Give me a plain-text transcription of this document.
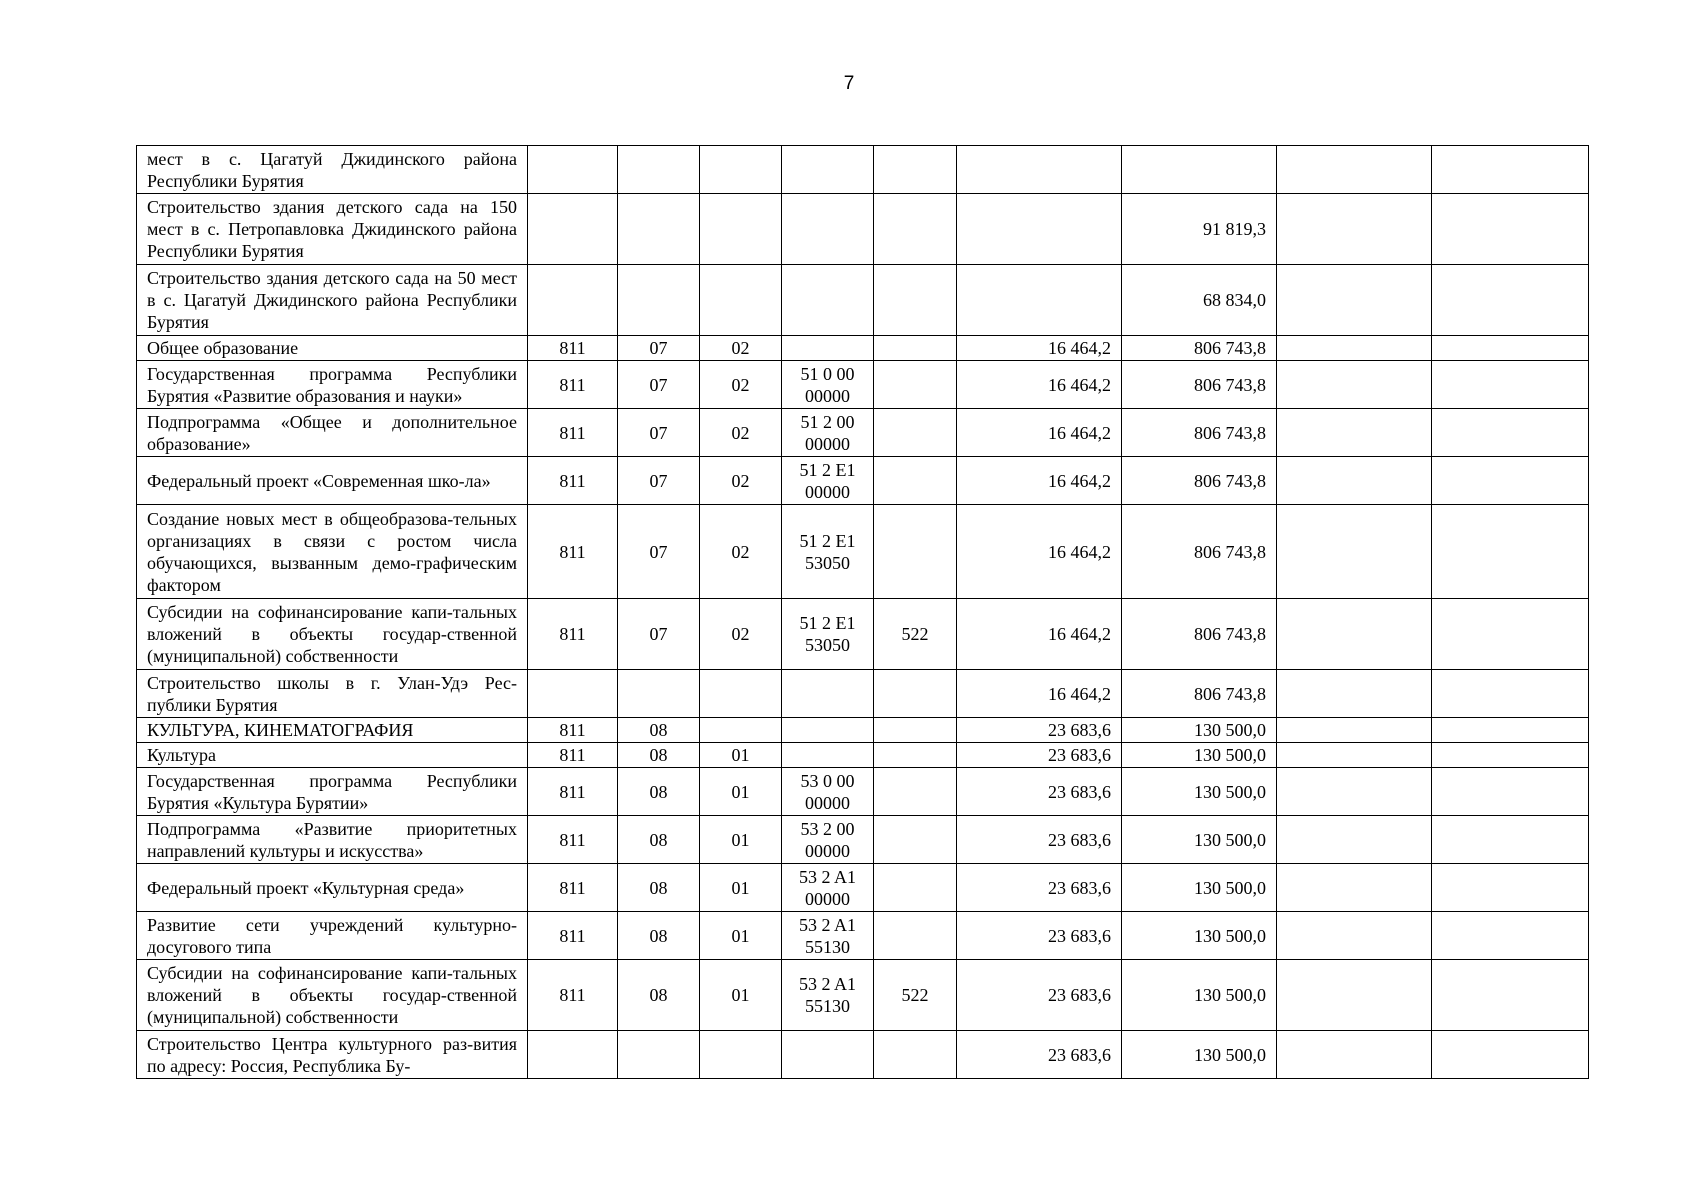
7
мест в с. Цагатуй Джидинского района Республики Бурятия									
Строительство здания детского сада на 150 мест в с. Петропавловка Джидинского района Республики Бурятия							91 819,3		
Строительство здания детского сада на 50 мест в с. Цагатуй Джидинского района Республики Бурятия							68 834,0		
Общее образование	811	07	02			16 464,2	806 743,8		
Государственная программа Республики Бурятия «Развитие образования и науки»	811	07	02	51 0 00 00000		16 464,2	806 743,8		
Подпрограмма «Общее и дополнительное образование»	811	07	02	51 2 00 00000		16 464,2	806 743,8		
Федеральный проект «Современная шко-ла»	811	07	02	51 2 E1 00000		16 464,2	806 743,8		
Создание новых мест в общеобразова-тельных организациях в связи с ростом числа обучающихся, вызванным демо-графическим фактором	811	07	02	51 2 E1 53050		16 464,2	806 743,8		
Субсидии на софинансирование капи-тальных вложений в объекты государ-ственной (муниципальной) собственности	811	07	02	51 2 E1 53050	522	16 464,2	806 743,8		
Строительство школы в г. Улан-Удэ Рес-публики Бурятия						16 464,2	806 743,8		
КУЛЬТУРА, КИНЕМАТОГРАФИЯ	811	08				23 683,6	130 500,0		
Культура	811	08	01			23 683,6	130 500,0		
Государственная программа Республики Бурятия «Культура Бурятии»	811	08	01	53 0 00 00000		23 683,6	130 500,0		
Подпрограмма «Развитие приоритетных направлений культуры и искусства»	811	08	01	53 2 00 00000		23 683,6	130 500,0		
Федеральный проект «Культурная среда»	811	08	01	53 2 A1 00000		23 683,6	130 500,0		
Развитие сети учреждений культурно-досугового типа	811	08	01	53 2 A1 55130		23 683,6	130 500,0		
Субсидии на софинансирование капи-тальных вложений в объекты государ-ственной (муниципальной) собственности	811	08	01	53 2 A1 55130	522	23 683,6	130 500,0		
Строительство Центра культурного раз-вития по адресу: Россия, Республика Бу-						23 683,6	130 500,0		
